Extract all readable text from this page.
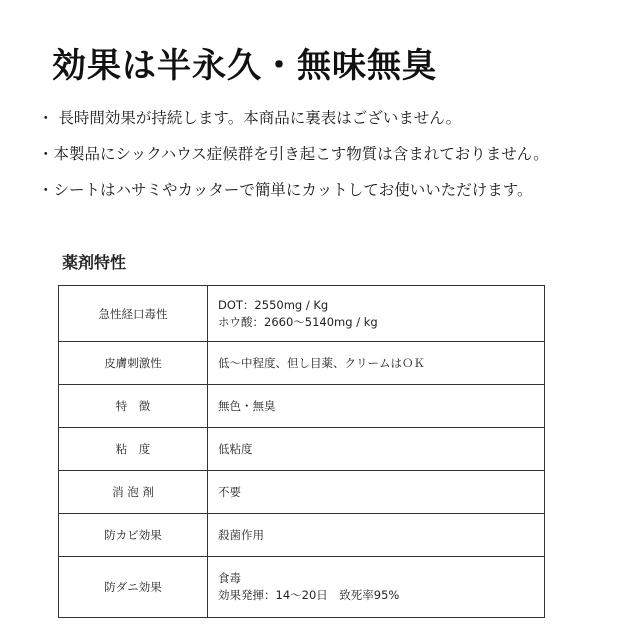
効果は半永久・無味無臭
・ 長時間効果が持続します。本商品に裏表はございません。
・本製品にシックハウス症候群を引き起こす物質は含まれておりません。
・シートはハサミやカッターで簡単にカットしてお使いいただけます。
薬剤特性
急性経口毒性	DOT：2550mg / Kg
ホウ酸：2660～5140mg / kg

皮膚刺激性	低～中程度、但し目薬、クリームはＯＫ

特　徴	無色・無臭

粘　度	低粘度

消 泡 剤	不要

防カビ効果	殺菌作用

防ダニ効果	食毒
効果発揮：14～20日　致死率95%
